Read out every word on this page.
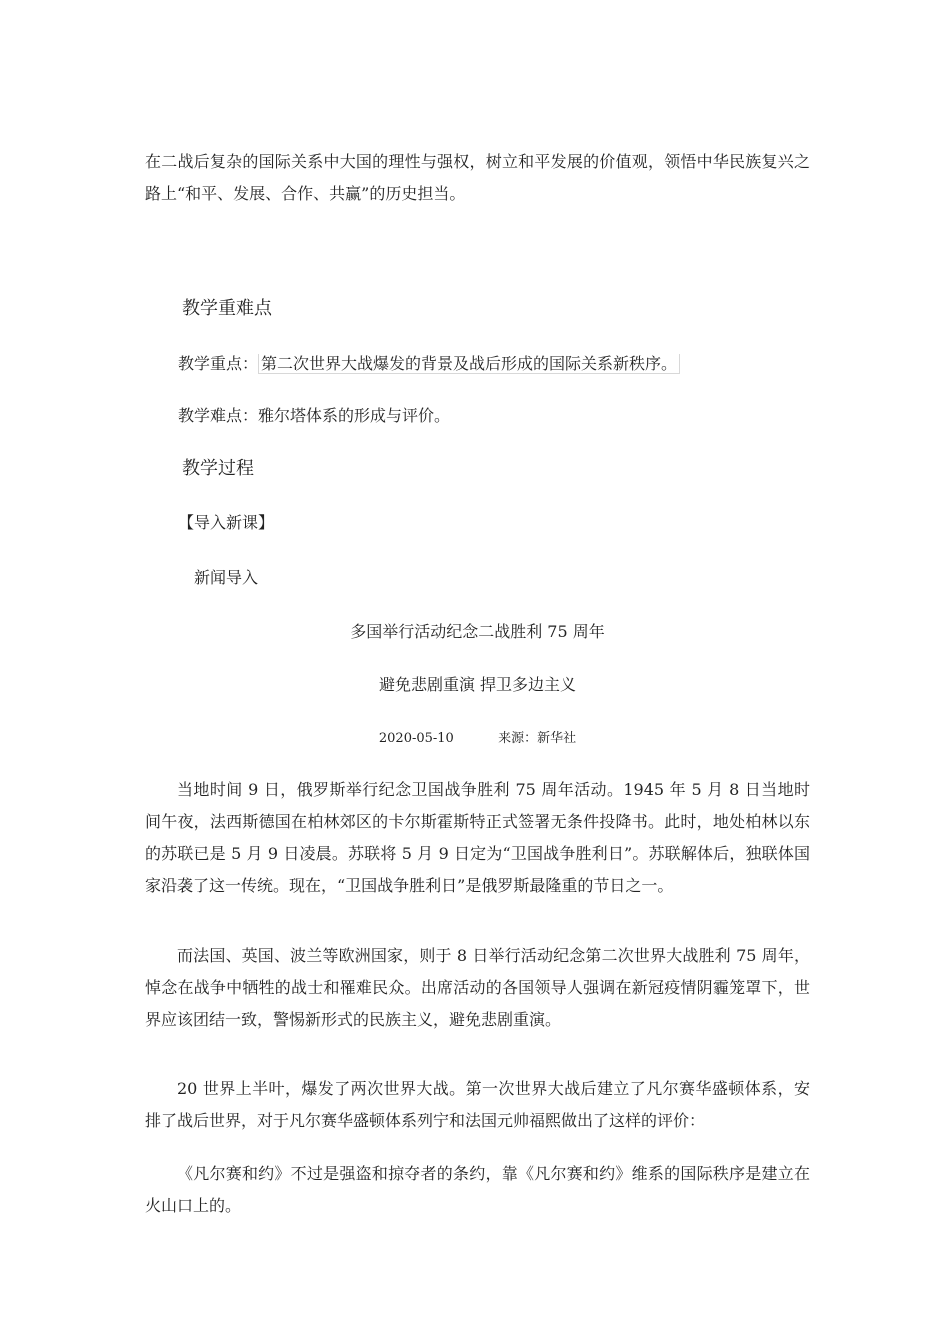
在二战后复杂的国际关系中大国的理性与强权，树立和平发展的价值观，领悟中华民族复兴之路上“和平、发展、合作、共赢”的历史担当。
教学重难点
教学重点： 第二次世界大战爆发的背景及战后形成的国际关系新秩序。
教学难点：雅尔塔体系的形成与评价。
教学过程
【导入新课】
新闻导入
多国举行活动纪念二战胜利 75 周年
避免悲剧重演 捍卫多边主义
2020-05-10	来源：新华社
当地时间 9 日，俄罗斯举行纪念卫国战争胜利 75 周年活动。1945 年 5 月 8 日当地时间午夜，法西斯德国在柏林郊区的卡尔斯霍斯特正式签署无条件投降书。此时，地处柏林以东的苏联已是 5 月 9 日凌晨。苏联将 5 月 9 日定为“卫国战争胜利日”。苏联解体后，独联体国家沿袭了这一传统。现在，“卫国战争胜利日”是俄罗斯最隆重的节日之一。
而法国、英国、波兰等欧洲国家，则于 8 日举行活动纪念第二次世界大战胜利 75 周年，悼念在战争中牺牲的战士和罹难民众。出席活动的各国领导人强调在新冠疫情阴霾笼罩下，世界应该团结一致，警惕新形式的民族主义，避免悲剧重演。
20 世界上半叶，爆发了两次世界大战。第一次世界大战后建立了凡尔赛华盛顿体系，安排了战后世界，对于凡尔赛华盛顿体系列宁和法国元帅福熙做出了这样的评价：
《凡尔赛和约》不过是强盗和掠夺者的条约，靠《凡尔赛和约》维系的国际秩序是建立在火山口上的。
